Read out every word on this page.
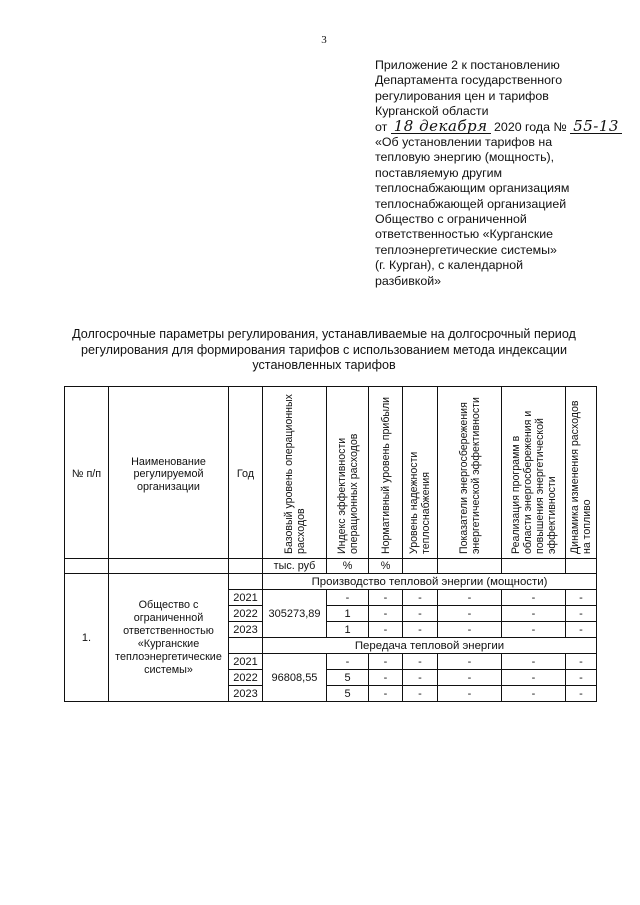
3
Приложение 2 к постановлению
Департамента государственного
регулирования цен и тарифов
Курганской области
от 18 декабря 2020 года № 55-13
«Об установлении тарифов на
тепловую энергию (мощность),
поставляемую другим
теплоснабжающим организациям
теплоснабжающей организацией
Общество с ограниченной
ответственностью «Курганские
теплоэнергетические системы»
(г. Курган), с календарной
разбивкой»
Долгосрочные параметры регулирования, устанавливаемые на долгосрочный период
регулирования для формирования тарифов с использованием метода индексации
установленных тарифов
№ п/п	Наименование регулируемой организации	Год	Базовый уровень операционных расходов	Индекс эффективности операционных расходов	Нормативный уровень прибыли	Уровень надежности теплоснабжения	Показатели энергосбережения энергетической эффективности	Реализация программ в области энергосбережения и повышения энергетической эффективности	Динамика изменения расходов на топливо
			тыс. руб	%	%				
1.	Общество с ограниченной ответственностью «Курганские теплоэнергетические системы»		Производство тепловой энергии (мощности)						
		2021	305273,89	-	-	-	-	-	-
		2022		1	-	-	-	-	-
		2023		1	-	-	-	-	-
			Передача тепловой энергии						
		2021	96808,55	-	-	-	-	-	-
		2022		5	-	-	-	-	-
		2023		5	-	-	-	-	-
